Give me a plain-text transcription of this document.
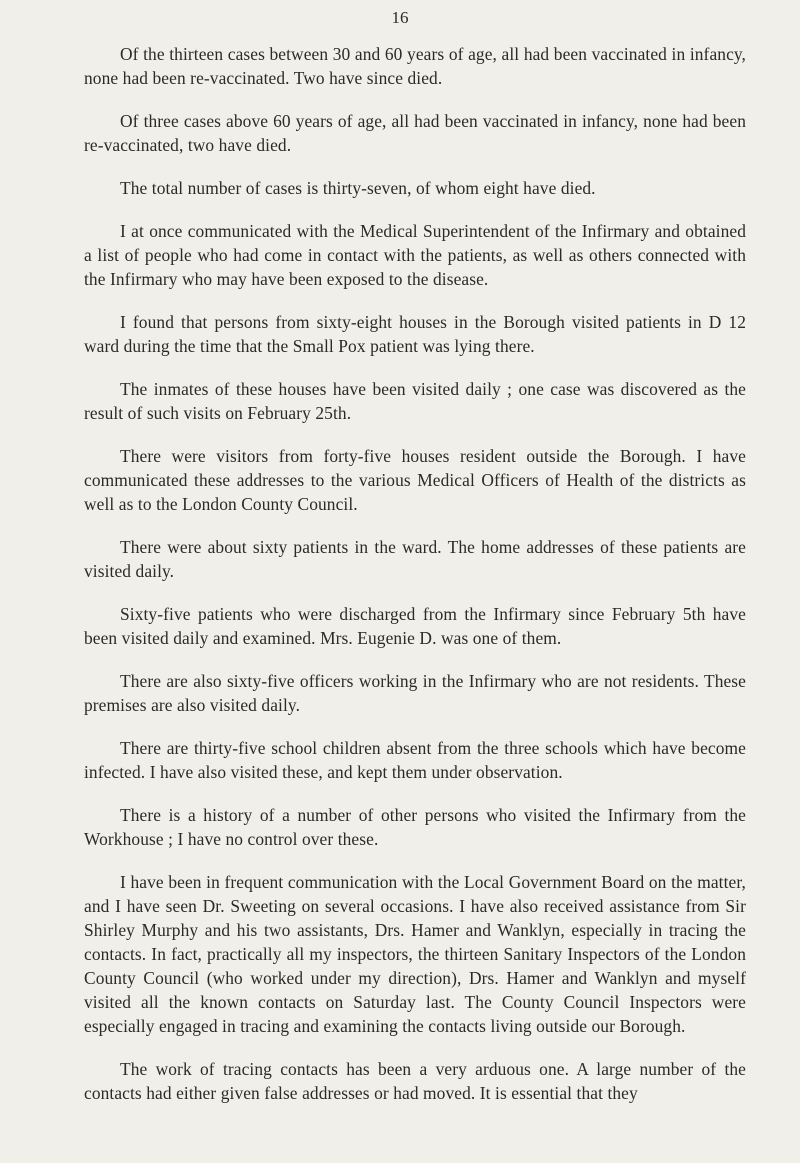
16

Of the thirteen cases between 30 and 60 years of age, all had been vaccinated in infancy, none had been re-vaccinated. Two have since died.

Of three cases above 60 years of age, all had been vaccinated in infancy, none had been re-vaccinated, two have died.

The total number of cases is thirty-seven, of whom eight have died.

I at once communicated with the Medical Superintendent of the Infirmary and obtained a list of people who had come in contact with the patients, as well as others connected with the Infirmary who may have been exposed to the disease.

I found that persons from sixty-eight houses in the Borough visited patients in D 12 ward during the time that the Small Pox patient was lying there.

The inmates of these houses have been visited daily ; one case was discovered as the result of such visits on February 25th.

There were visitors from forty-five houses resident outside the Borough. I have communicated these addresses to the various Medical Officers of Health of the districts as well as to the London County Council.

There were about sixty patients in the ward. The home addresses of these patients are visited daily.

Sixty-five patients who were discharged from the Infirmary since February 5th have been visited daily and examined. Mrs. Eugenie D. was one of them.

There are also sixty-five officers working in the Infirmary who are not residents. These premises are also visited daily.

There are thirty-five school children absent from the three schools which have become infected. I have also visited these, and kept them under observation.

There is a history of a number of other persons who visited the Infirmary from the Workhouse ; I have no control over these.

I have been in frequent communication with the Local Government Board on the matter, and I have seen Dr. Sweeting on several occasions. I have also received assistance from Sir Shirley Murphy and his two assistants, Drs. Hamer and Wanklyn, especially in tracing the contacts. In fact, practically all my inspectors, the thirteen Sanitary Inspectors of the London County Council (who worked under my direction), Drs. Hamer and Wanklyn and myself visited all the known contacts on Saturday last. The County Council Inspectors were especially engaged in tracing and examining the contacts living outside our Borough.

The work of tracing contacts has been a very arduous one. A large number of the contacts had either given false addresses or had moved. It is essential that they
